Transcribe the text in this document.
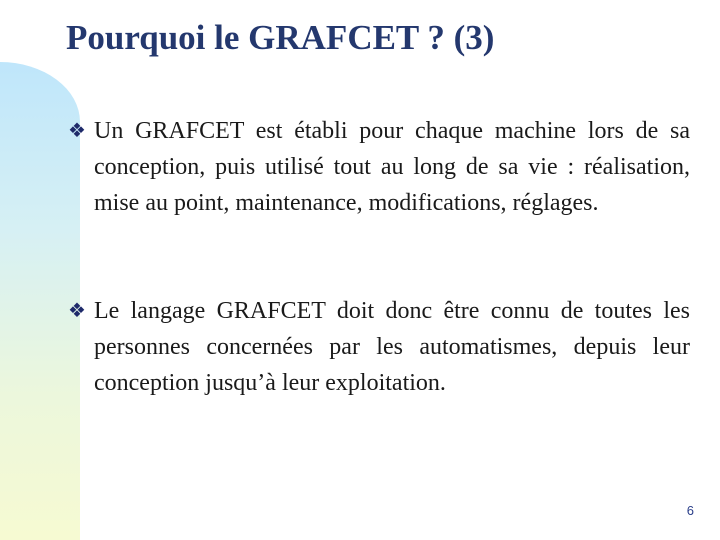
Pourquoi le GRAFCET ? (3)
❖ Un GRAFCET est établi pour chaque machine lors de sa conception, puis utilisé tout au long de sa vie : réalisation, mise au point, maintenance, modifications, réglages.
❖ Le langage GRAFCET doit donc être connu de toutes les personnes concernées par les automatismes, depuis leur conception jusqu’à leur exploitation.
6
